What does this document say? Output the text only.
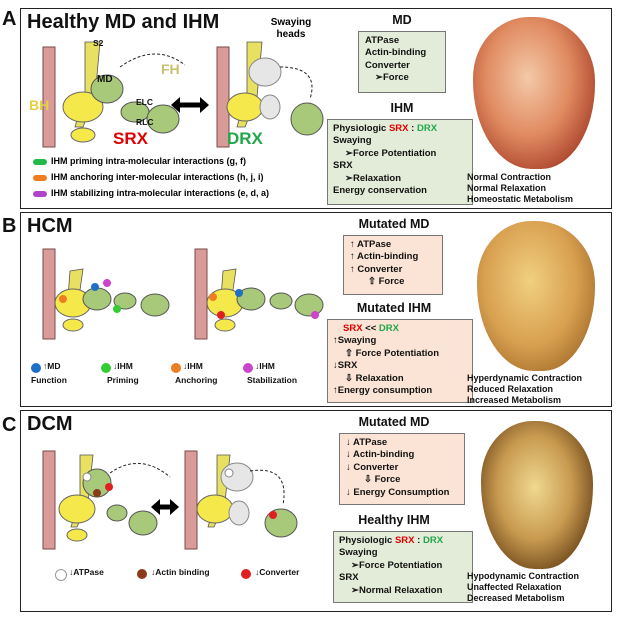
A Healthy MD and IHM
S2
MD
FH
BH	ELC
RLC
Swaying heads
SRX	DRX
IHM priming intra-molecular interactions (g, f)
IHM anchoring inter-molecular interactions (h, j, i)
IHM stabilizing intra-molecular interactions (e, d, a)
MD
ATPase
Actin-binding
Converter
➢Force
IHM
Physiologic SRX : DRX
Swaying
➢Force Potentiation
SRX
➢Relaxation
Energy conservation
Normal Contraction
Normal Relaxation
Homeostatic Metabolism
B HCM
↑MD
Function
↓IHM
Priming
↓IHM
Anchoring
↓IHM
Stabilization
Mutated MD
↑ ATPase
↑ Actin-binding
↑ Converter
⇧ Force
Mutated IHM
SRX << DRX
↑Swaying
⇧ Force Potentiation
↓SRX
⇩ Relaxation
↑Energy consumption
Hyperdynamic Contraction
Reduced Relaxation
Increased Metabolism
C DCM
↓ATPase	↓Actin binding	↓Converter
Mutated MD
↓ ATPase
↓ Actin-binding
↓ Converter
⇩ Force
↓ Energy Consumption
Healthy IHM
Physiologic SRX : DRX
Swaying
➢Force Potentiation
SRX
➢Normal Relaxation
Hypodynamic Contraction
Unaffected Relaxation
Decreased Metabolism
